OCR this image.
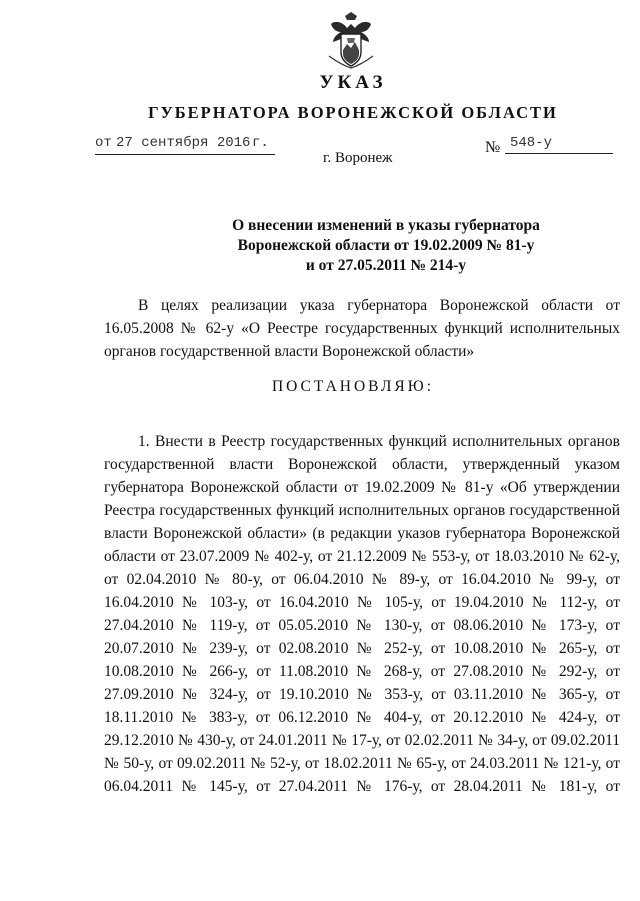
УКАЗ
ГУБЕРНАТОРА ВОРОНЕЖСКОЙ ОБЛАСТИ
от 27 сентября 2016 г.	№ 548-у
г. Воронеж
О внесении изменений в указы губернатора
Воронежской области от 19.02.2009 № 81-у
и от 27.05.2011 № 214-у
В целях реализации указа губернатора Воронежской области от
16.05.2008 № 62-у «О Реестре государственных функций исполнительных
органов государственной власти Воронежской области»
ПОСТАНОВЛЯЮ:
1. Внести в Реестр государственных функций исполнительных органов
государственной власти Воронежской области, утвержденный указом
губернатора Воронежской области от 19.02.2009 № 81-у «Об утверждении
Реестра государственных функций исполнительных органов государственной
власти Воронежской области» (в редакции указов губернатора Воронежской
области от 23.07.2009 № 402-у, от 21.12.2009 № 553-у, от 18.03.2010 № 62-у,
от 02.04.2010 № 80-у, от 06.04.2010 № 89-у, от 16.04.2010 № 99-у, от
16.04.2010 № 103-у, от 16.04.2010 № 105-у, от 19.04.2010 № 112-у, от
27.04.2010 № 119-у, от 05.05.2010 № 130-у, от 08.06.2010 № 173-у, от
20.07.2010 № 239-у, от 02.08.2010 № 252-у, от 10.08.2010 № 265-у, от
10.08.2010 № 266-у, от 11.08.2010 № 268-у, от 27.08.2010 № 292-у, от
27.09.2010 № 324-у, от 19.10.2010 № 353-у, от 03.11.2010 № 365-у, от
18.11.2010 № 383-у, от 06.12.2010 № 404-у, от 20.12.2010 № 424-у, от
29.12.2010 № 430-у, от 24.01.2011 № 17-у, от 02.02.2011 № 34-у, от 09.02.2011
№ 50-у, от 09.02.2011 № 52-у, от 18.02.2011 № 65-у, от 24.03.2011 № 121-у, от
06.04.2011 № 145-у, от 27.04.2011 № 176-у, от 28.04.2011 № 181-у, от
